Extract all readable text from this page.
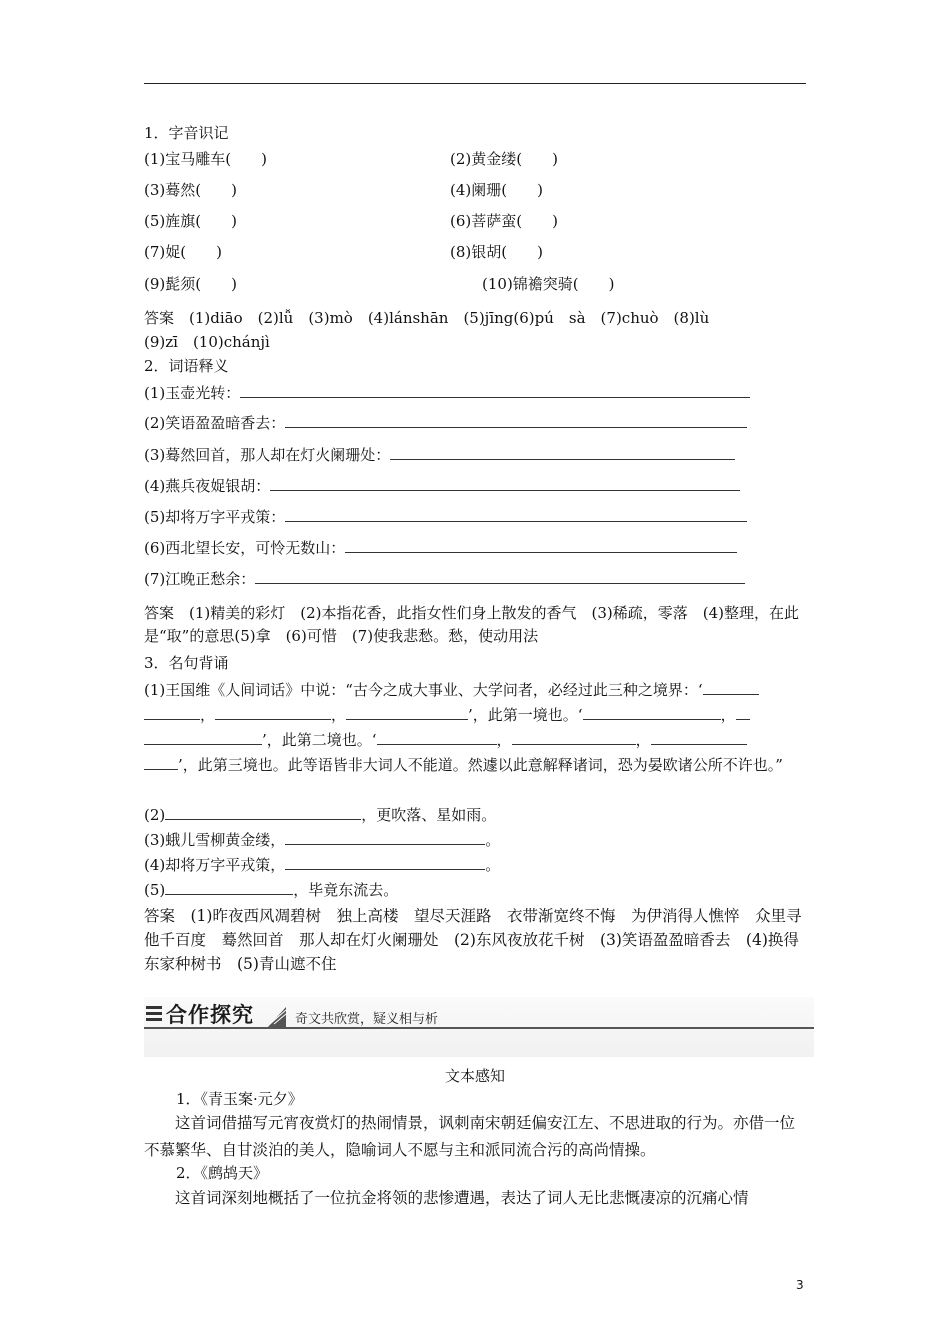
1．字音识记
(1)宝马雕车(　　)	(2)黄金缕(　　)
(3)蓦然(　　)	(4)阑珊(　　)
(5)旌旗(　　)	(6)菩萨蛮(　　)
(7)娖(　　)	(8)银胡(　　)
(9)髭须(　　)	(10)锦襜突骑(　　)
答案　(1)diāo　(2)lǚ　(3)mò　(4)lánshān　(5)jīng(6)pú　sà　(7)chuò　(8)lù
(9)zī　(10)chánjì
2．词语释义
(1)玉壶光转：
(2)笑语盈盈暗香去：
(3)蓦然回首，那人却在灯火阑珊处：
(4)燕兵夜娖银胡：
(5)却将万字平戎策：
(6)西北望长安，可怜无数山：
(7)江晚正愁余：
答案　(1)精美的彩灯　(2)本指花香，此指女性们身上散发的香气　(3)稀疏，零落　(4)整理，在此是“取”的意思(5)拿　(6)可惜　(7)使我悲愁。愁，使动用法
3．名句背诵
(1)王国维《人间词话》中说：“古今之成大事业、大学问者，必经过此三种之境界：‘
，	，	’，此第一境也。‘	，
’，此第二境也。‘	，	，
’，此第三境也。此等语皆非大词人不能道。然遽以此意解释诸词，恐为晏欧诸公所不许也。”
(2)	，更吹落、星如雨。
(3)蛾儿雪柳黄金缕，	。
(4)却将万字平戎策，	。
(5)	，毕竟东流去。
答案　(1)昨夜西风凋碧树　独上高楼　望尽天涯路　衣带渐宽终不悔　为伊消得人憔悴　众里寻他千百度　蓦然回首　那人却在灯火阑珊处　(2)东风夜放花千树　(3)笑语盈盈暗香去　(4)换得东家种树书　(5)青山遮不住
合作探究	奇文共欣赏，疑义相与析
文本感知
1．《青玉案·元夕》
这首词借描写元宵夜赏灯的热闹情景，讽刺南宋朝廷偏安江左、不思进取的行为。亦借一位不慕繁华、自甘淡泊的美人，隐喻词人不愿与主和派同流合污的高尚情操。
2．《鹧鸪天》
这首词深刻地概括了一位抗金将领的悲惨遭遇，表达了词人无比悲慨凄凉的沉痛心情
3
